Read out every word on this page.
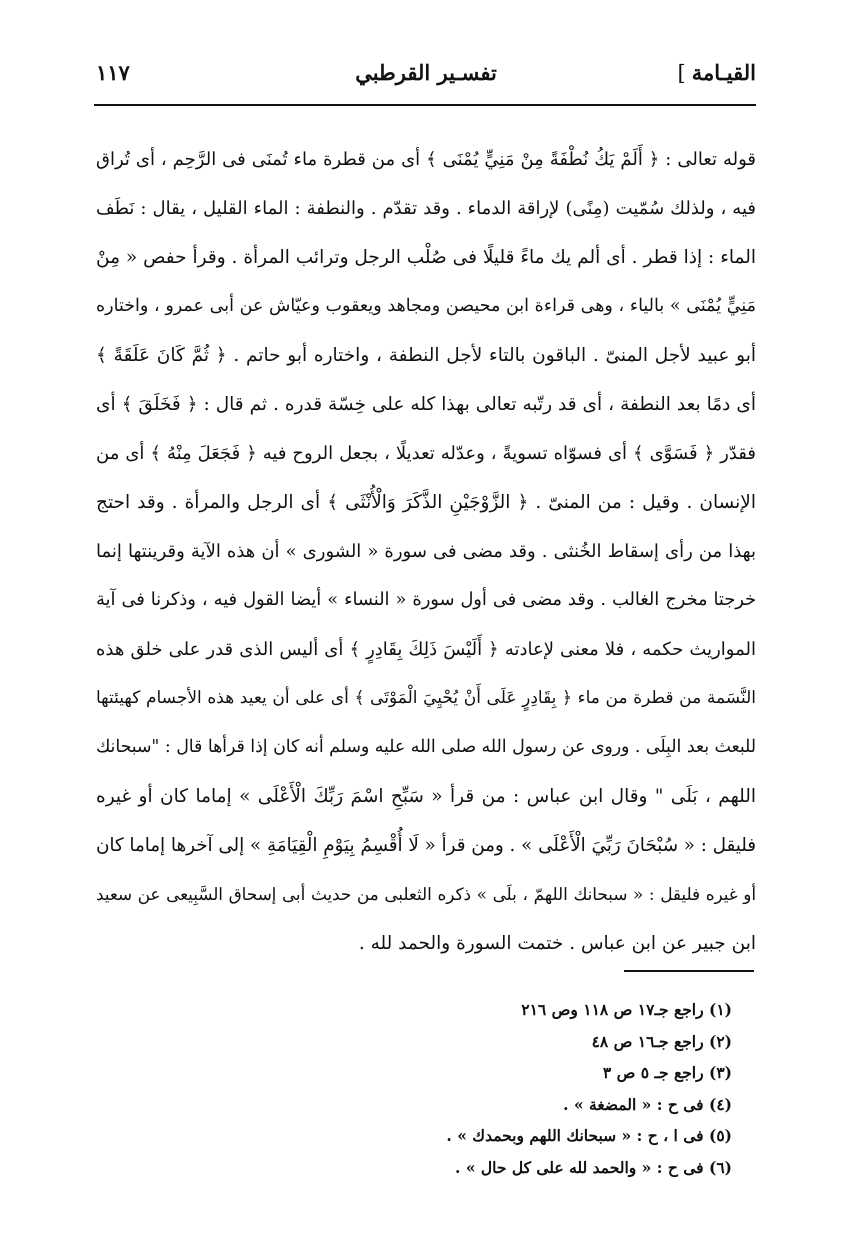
القيـامة]
تفسـير القرطبي
١١٧
قوله تعالى : ﴿ أَلَمْ يَكُ نُطْفَةً مِنْ مَنِيٍّ يُمْنَى ﴾ أى من قطرة ماء تُمنَى فى الرَّحِم ، أى تُراق
فيه ، ولذلك سُمّيت (مِنًى) لإراقة الدماء . وقد تقدّم . والنطفة : الماء القليل ، يقال : نَطَف
الماء : إذا قطر . أى ألم يك ماءً قليلًا فى صُلْب الرجل وترائب المرأة . وقرأ حفص « مِنْ
مَنِيٍّ يُمْنَى » بالياء ، وهى قراءة ابن محيصن ومجاهد ويعقوب وعيّاش عن أبى عمرو ، واختاره
أبو عبيد لأجل المنىّ . الباقون بالتاء لأجل النطفة ، واختاره أبو حاتم . ﴿ ثُمَّ كَانَ عَلَقَةً ﴾
أى دمًا بعد النطفة ، أى قد رتّبه تعالى بهذا كله على خِسّة قدره . ثم قال : ﴿ فَخَلَقَ ﴾ أى
فقدّر ﴿ فَسَوَّى ﴾ أى فسوّاه تسويةً ، وعدّله تعديلًا ، بجعل الروح فيه ﴿ فَجَعَلَ مِنْهُ ﴾ أى من
الإنسان . وقيل : من المنىّ . ﴿ الزَّوْجَيْنِ الذَّكَرَ وَالْأُنْثَى ﴾ أى الرجل والمرأة . وقد احتج
بهذا من رأى إسقاط الخُنثى . وقد مضى فى سورة « الشورى » أن هذه الآية وقرينتها إنما
خرجتا مخرج الغالب . وقد مضى فى أول سورة « النساء » أيضا القول فيه ، وذكرنا فى آية
المواريث حكمه ، فلا معنى لإعادته ﴿ أَلَيْسَ ذَلِكَ بِقَادِرٍ ﴾ أى أليس الذى قدر على خلق هذه
النَّسَمة من قطرة من ماء ﴿ بِقَادِرٍ عَلَى أَنْ يُحْيِيَ الْمَوْتَى ﴾ أى على أن يعيد هذه الأجسام كهيئتها
للبعث بعد البِلَى . وروى عن رسول الله صلى الله عليه وسلم أنه كان إذا قرأها قال : "سبحانك
اللهم ، بَلَى " وقال ابن عباس : من قرأ « سَبِّحِ اسْمَ رَبِّكَ الْأَعْلَى » إماما كان أو غيره
فليقل : « سُبْحَانَ رَبِّيَ الْأَعْلَى » . ومن قرأ « لَا أُقْسِمُ بِيَوْمِ الْقِيَامَةِ » إلى آخرها إماما كان
أو غيره فليقل : « سبحانك اللهمّ ، بلَى » ذكره الثعلبى من حديث أبى إسحاق السَّبِيعى عن سعيد
ابن جبير عن ابن عباس . ختمت السورة والحمد لله .
(١) راجع جـ١٧ ص ١١٨ وص ٢١٦
(٢) راجع جـ١٦ ص ٤٨
(٣) راجع جـ ٥ ص ٣
(٤) فى ح : « المضغة » .
(٥) فى ا ، ح : « سبحانك اللهم وبحمدك » .
(٦) فى ح : « والحمد لله على كل حال » .
